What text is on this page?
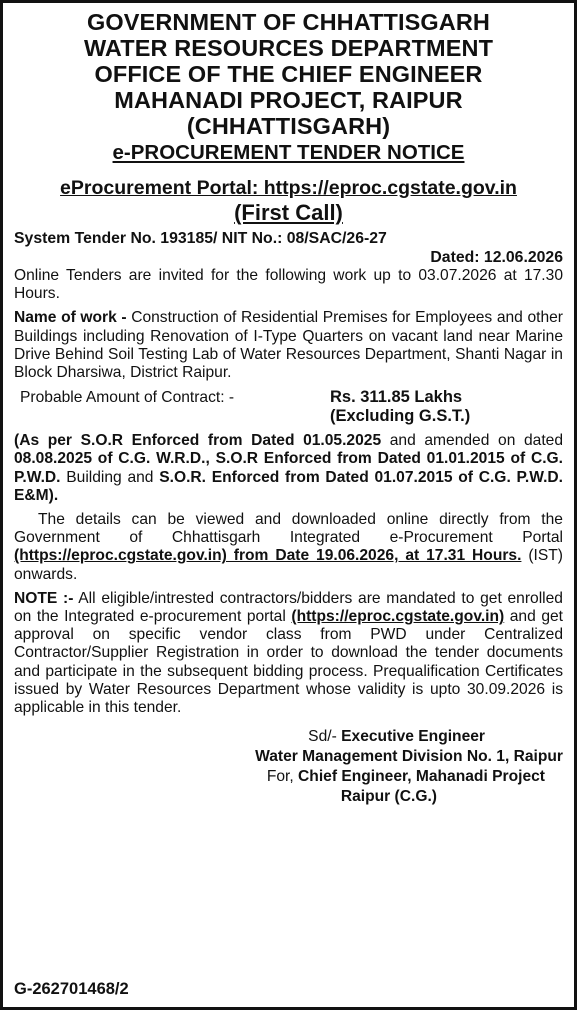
GOVERNMENT OF CHHATTISGARH
WATER RESOURCES DEPARTMENT
OFFICE OF THE CHIEF ENGINEER
MAHANADI PROJECT, RAIPUR
(CHHATTISGARH)
e-PROCUREMENT TENDER NOTICE
eProcurement Portal: https://eproc.cgstate.gov.in
(First Call)
System Tender No. 193185/ NIT No.: 08/SAC/26-27
Dated: 12.06.2026
Online Tenders are invited for the following work up to 03.07.2026 at 17.30 Hours.
Name of work - Construction of Residential Premises for Employees and other Buildings including Renovation of I-Type Quarters on vacant land near Marine Drive Behind Soil Testing Lab of Water Resources Department, Shanti Nagar in Block Dharsiwa, District Raipur.
Probable Amount of Contract: -	Rs. 311.85 Lakhs
(Excluding G.S.T.)
(As per S.O.R Enforced from Dated 01.05.2025 and amended on dated 08.08.2025 of C.G. W.R.D., S.O.R Enforced from Dated 01.01.2015 of C.G. P.W.D. Building and S.O.R. Enforced from Dated 01.07.2015 of C.G. P.W.D. E&M).
The details can be viewed and downloaded online directly from the Government of Chhattisgarh Integrated e-Procurement Portal (https://eproc.cgstate.gov.in) from Date 19.06.2026, at 17.31 Hours. (IST) onwards.
NOTE :- All eligible/intrested contractors/bidders are mandated to get enrolled on the Integrated e-procurement portal (https://eproc.cgstate.gov.in) and get approval on specific vendor class from PWD under Centralized Contractor/Supplier Registration in order to download the tender documents and participate in the subsequent bidding process. Prequalification Certificates issued by Water Resources Department whose validity is upto 30.09.2026 is applicable in this tender.
Sd/- Executive Engineer
Water Management Division No. 1, Raipur
For, Chief Engineer, Mahanadi Project
Raipur (C.G.)
G-262701468/2
